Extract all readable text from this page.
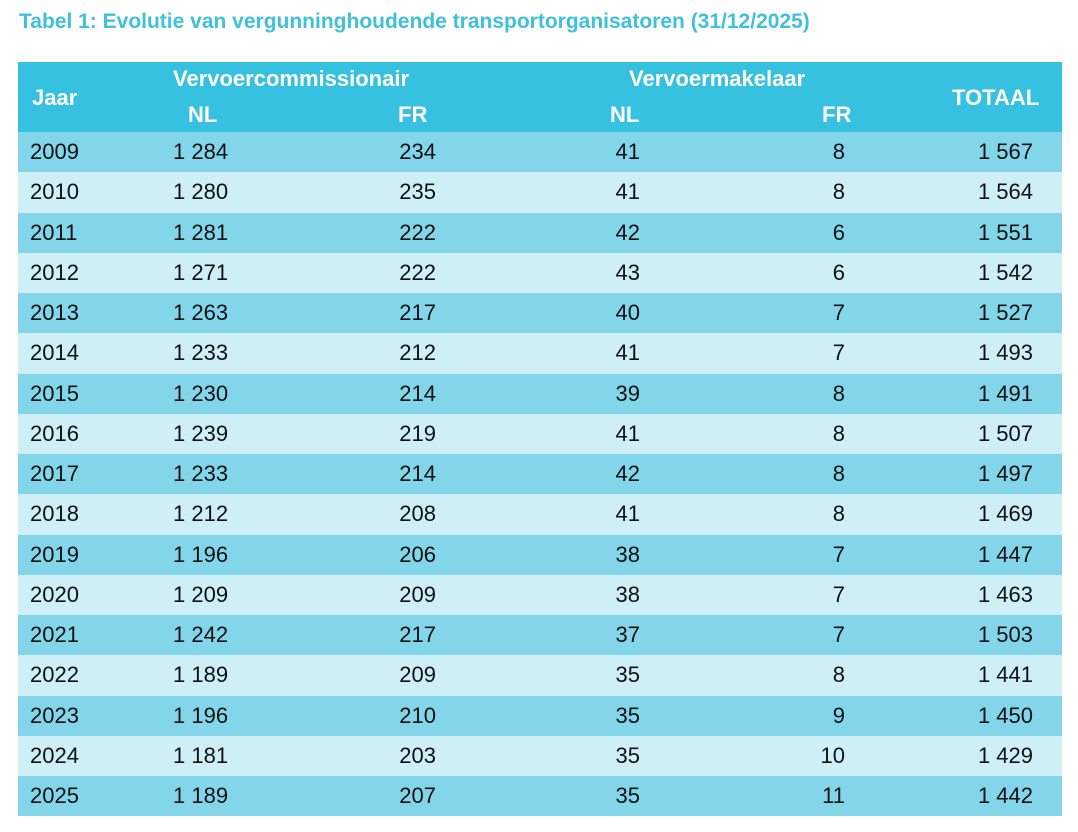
Tabel 1: Evolutie van vergunninghoudende transportorganisatoren (31/12/2025)
Jaar
Vervoercommissionair	Vervoermakelaar
TOTAAL
NL	FR	NL	FR
2009	1 284	234	41	8	1 567
2010	1 280	235	41	8	1 564
2011	1 281	222	42	6	1 551
2012	1 271	222	43	6	1 542
2013	1 263	217	40	7	1 527
2014	1 233	212	41	7	1 493
2015	1 230	214	39	8	1 491
2016	1 239	219	41	8	1 507
2017	1 233	214	42	8	1 497
2018	1 212	208	41	8	1 469
2019	1 196	206	38	7	1 447
2020	1 209	209	38	7	1 463
2021	1 242	217	37	7	1 503
2022	1 189	209	35	8	1 441
2023	1 196	210	35	9	1 450
2024	1 181	203	35	10	1 429
2025	1 189	207	35	11	1 442
